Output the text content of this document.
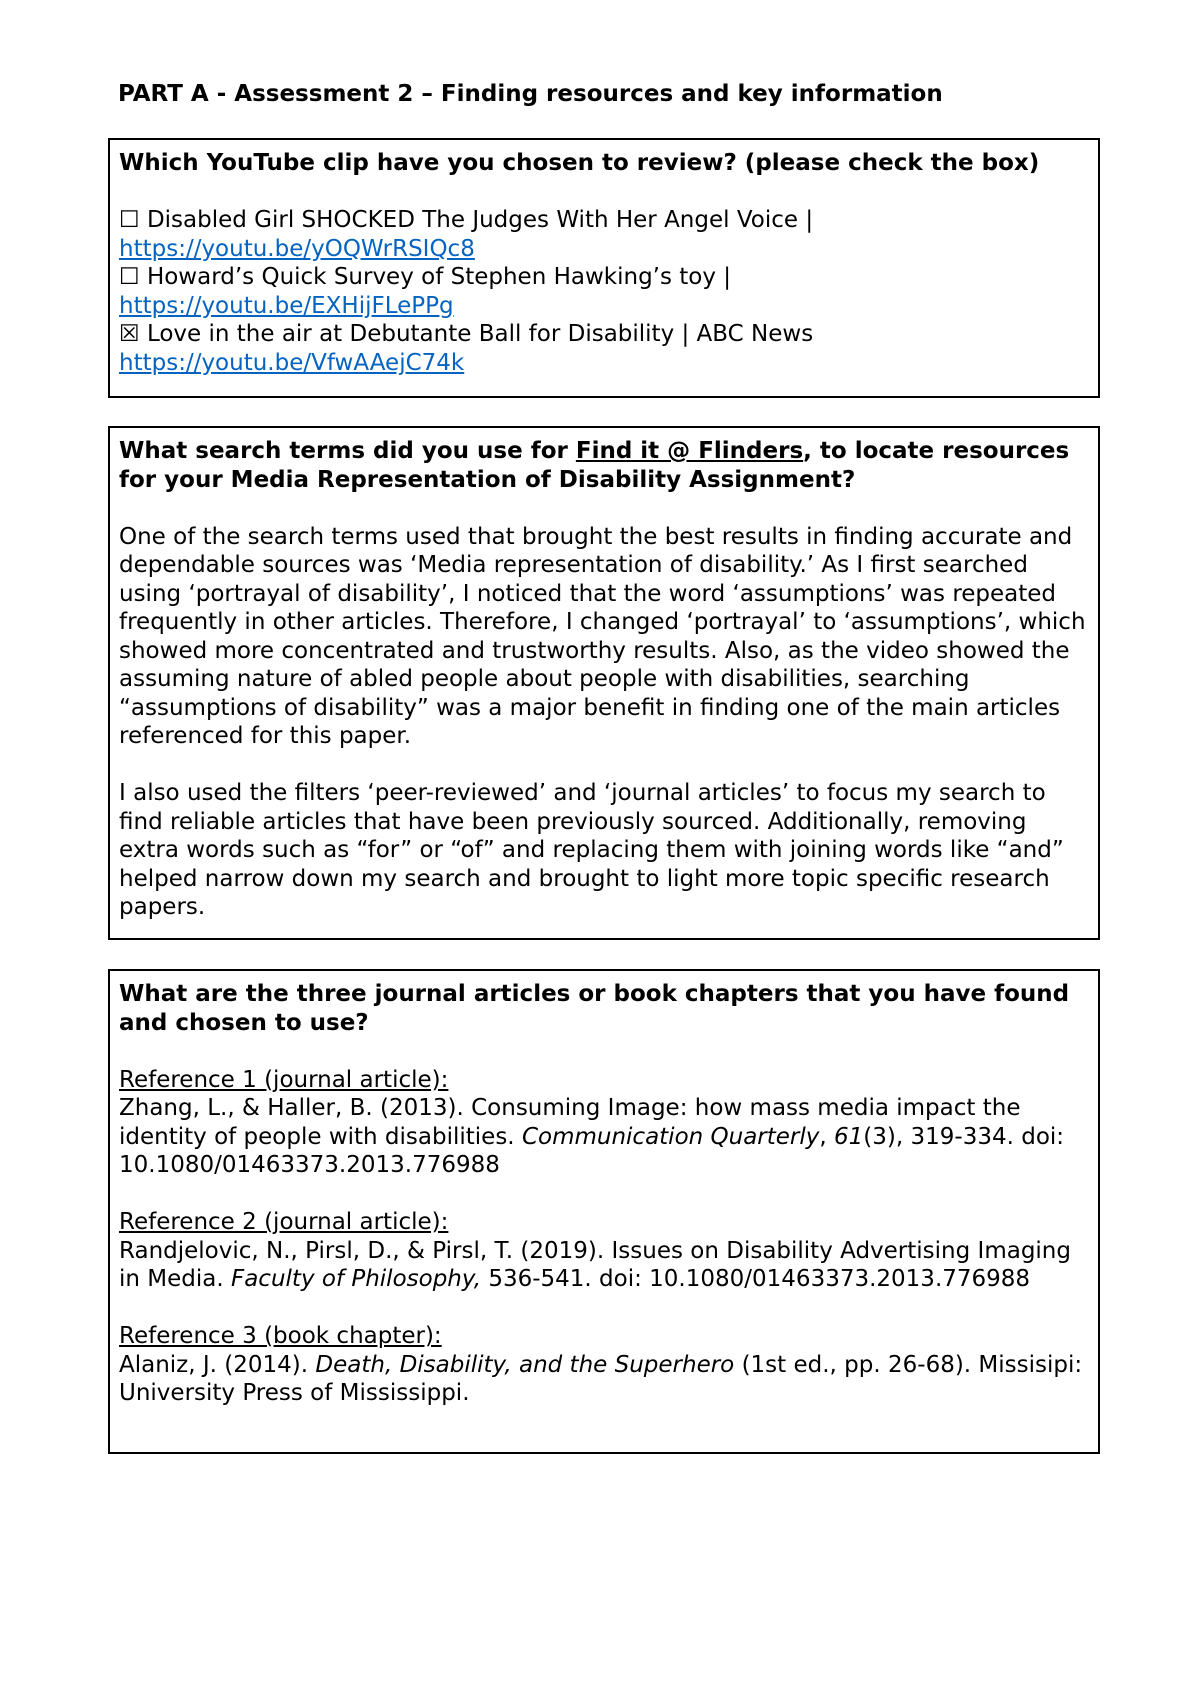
PART A - Assessment 2 – Finding resources and key information

Which YouTube clip have you chosen to review? (please check the box)

☐ Disabled Girl SHOCKED The Judges With Her Angel Voice |
https://youtu.be/yOQWrRSIQc8
☐ Howard’s Quick Survey of Stephen Hawking’s toy |
https://youtu.be/EXHijFLePPg
☒ Love in the air at Debutante Ball for Disability | ABC News
https://youtu.be/VfwAAejC74k

What search terms did you use for Find it @ Flinders, to locate resources for your Media Representation of Disability Assignment?

One of the search terms used that brought the best results in finding accurate and dependable sources was ‘Media representation of disability.’ As I first searched using ‘portrayal of disability’, I noticed that the word ‘assumptions’ was repeated frequently in other articles. Therefore, I changed ‘portrayal’ to ‘assumptions’, which showed more concentrated and trustworthy results. Also, as the video showed the assuming nature of abled people about people with disabilities, searching “assumptions of disability” was a major benefit in finding one of the main articles referenced for this paper.

I also used the filters ‘peer-reviewed’ and ‘journal articles’ to focus my search to find reliable articles that have been previously sourced. Additionally, removing extra words such as “for” or “of” and replacing them with joining words like “and” helped narrow down my search and brought to light more topic specific research papers.

What are the three journal articles or book chapters that you have found and chosen to use?

Reference 1 (journal article):
Zhang, L., & Haller, B. (2013). Consuming Image: how mass media impact the identity of people with disabilities. Communication Quarterly, 61(3), 319-334. doi: 10.1080/01463373.2013.776988
Reference 2 (journal article):
Randjelovic, N., Pirsl, D., & Pirsl, T. (2019). Issues on Disability Advertising Imaging in Media. Faculty of Philosophy, 536-541. doi: 10.1080/01463373.2013.776988
Reference 3 (book chapter):
Alaniz, J. (2014). Death, Disability, and the Superhero (1st ed., pp. 26-68). Missisipi: University Press of Mississippi.
